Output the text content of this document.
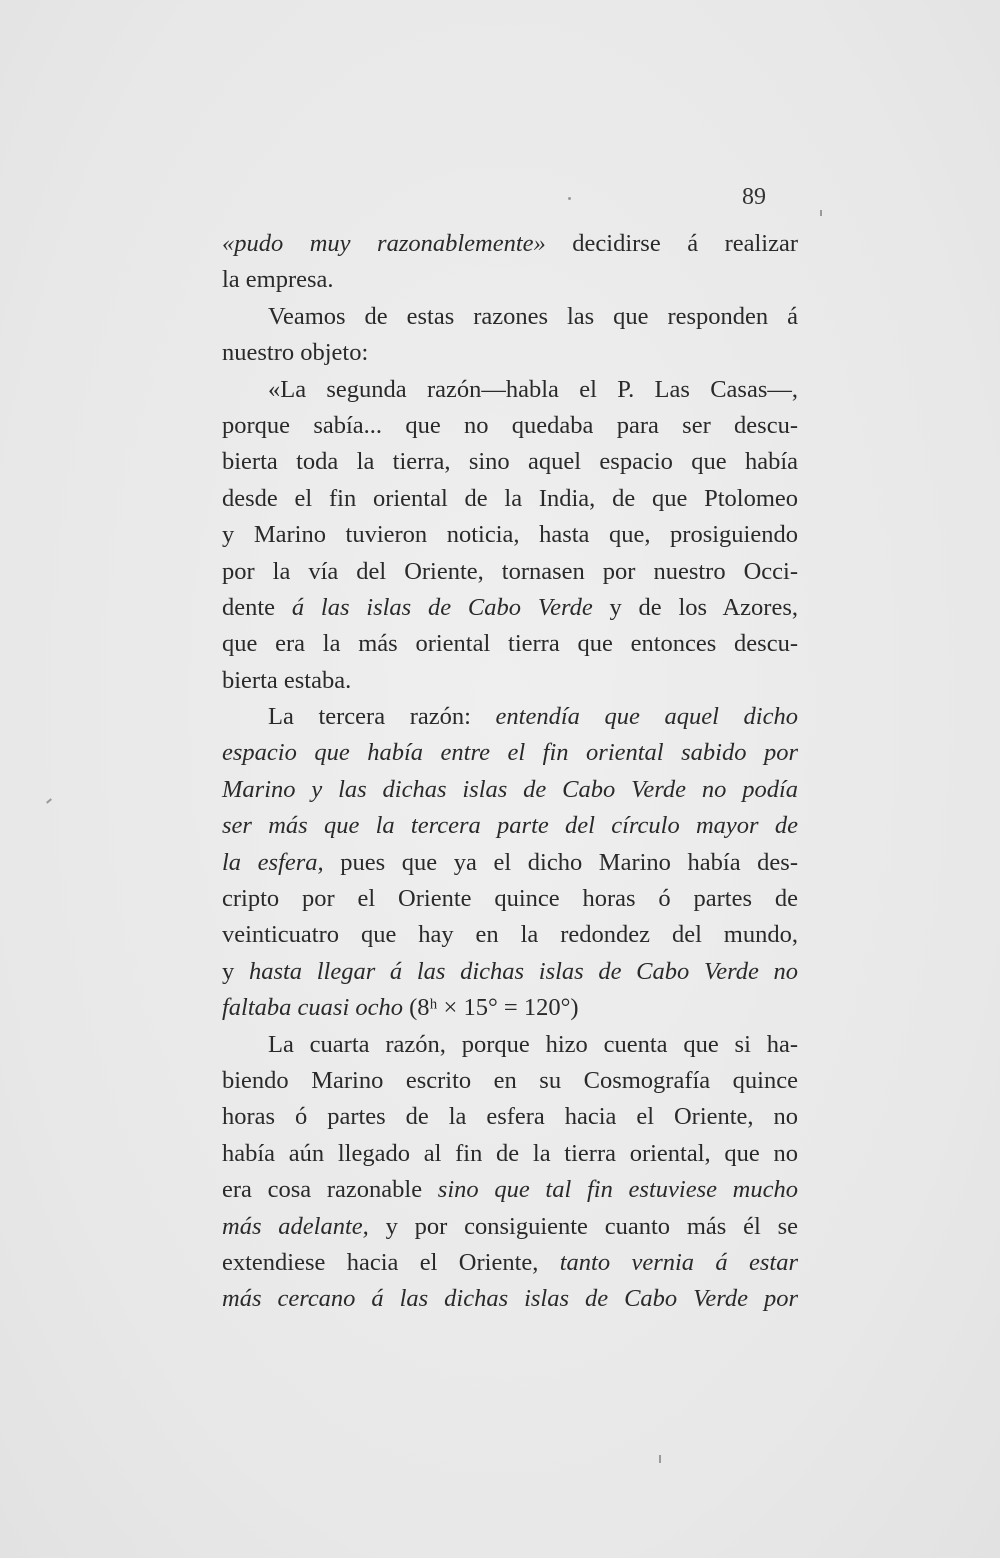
89
«pudo muy razonablemente» decidirse á realizar
la empresa.
Veamos de estas razones las que responden á
nuestro objeto:
«La segunda razón—habla el P. Las Casas—,
porque sabía... que no quedaba para ser descu-
bierta toda la tierra, sino aquel espacio que había
desde el fin oriental de la India, de que Ptolomeo
y Marino tuvieron noticia, hasta que, prosiguiendo
por la vía del Oriente, tornasen por nuestro Occi-
dente á las islas de Cabo Verde y de los Azores,
que era la más oriental tierra que entonces descu-
bierta estaba.
La tercera razón: entendía que aquel dicho
espacio que había entre el fin oriental sabido por
Marino y las dichas islas de Cabo Verde no podía
ser más que la tercera parte del círculo mayor de
la esfera, pues que ya el dicho Marino había des-
cripto por el Oriente quince horas ó partes de
veinticuatro que hay en la redondez del mundo,
y hasta llegar á las dichas islas de Cabo Verde no
faltaba cuasi ocho (8ʰ × 15° = 120°)
La cuarta razón, porque hizo cuenta que si ha-
biendo Marino escrito en su Cosmografía quince
horas ó partes de la esfera hacia el Oriente, no
había aún llegado al fin de la tierra oriental, que no
era cosa razonable sino que tal fin estuviese mucho
más adelante, y por consiguiente cuanto más él se
extendiese hacia el Oriente, tanto vernia á estar
más cercano á las dichas islas de Cabo Verde por
